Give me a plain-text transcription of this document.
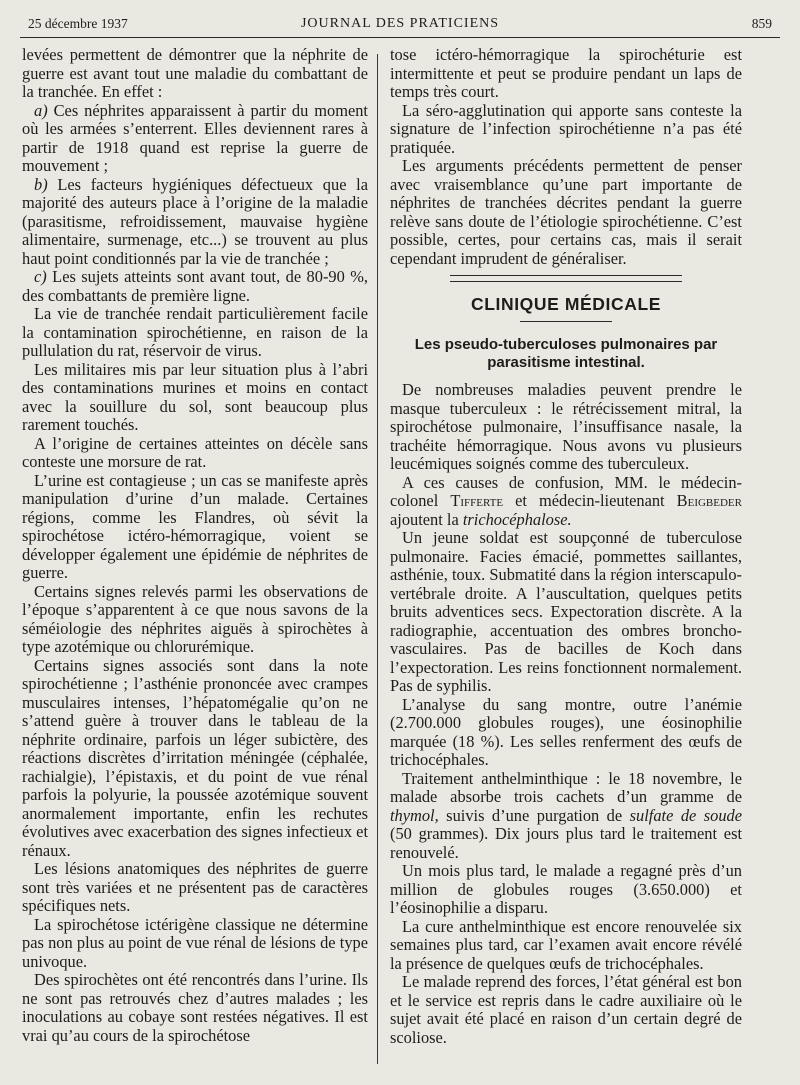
25 décembre 1937	JOURNAL DES PRATICIENS	859

levées permettent de démontrer que la néphrite de guerre est avant tout une maladie du combattant de la tranchée. En effet :

a) Ces néphrites apparaissent à partir du moment où les armées s’enterrent. Elles deviennent rares à partir de 1918 quand est reprise la guerre de mouvement ;

b) Les facteurs hygiéniques défectueux que la majorité des auteurs place à l’origine de la maladie (parasitisme, refroidissement, mauvaise hygiène alimentaire, surmenage, etc...) se trouvent au plus haut point conditionnés par la vie de tranchée ;

c) Les sujets atteints sont avant tout, de 80-90 %, des combattants de première ligne.

La vie de tranchée rendait particulièrement facile la contamination spirochétienne, en raison de la pullulation du rat, réservoir de virus.

Les militaires mis par leur situation plus à l’abri des contaminations murines et moins en contact avec la souillure du sol, sont beaucoup plus rarement touchés.

A l’origine de certaines atteintes on décèle sans conteste une morsure de rat.

L’urine est contagieuse ; un cas se manifeste après manipulation d’urine d’un malade. Certaines régions, comme les Flandres, où sévit la spirochétose ictéro-hémorragique, voient se développer également une épidémie de néphrites de guerre.

Certains signes relevés parmi les observations de l’époque s’apparentent à ce que nous savons de la séméiologie des néphrites aiguës à spirochètes à type azotémique ou chlorurémique.

Certains signes associés sont dans la note spirochétienne ; l’asthénie prononcée avec crampes musculaires intenses, l’hépatomégalie qu’on ne s’attend guère à trouver dans le tableau de la néphrite ordinaire, parfois un léger subictère, des réactions discrètes d’irritation méningée (céphalée, rachialgie), l’épistaxis, et du point de vue rénal parfois la polyurie, la poussée azotémique souvent anormalement importante, enfin les rechutes évolutives avec exacerbation des signes infectieux et rénaux.

Les lésions anatomiques des néphrites de guerre sont très variées et ne présentent pas de caractères spécifiques nets.

La spirochétose ictérigène classique ne détermine pas non plus au point de vue rénal de lésions de type univoque.

Des spirochètes ont été rencontrés dans l’urine. Ils ne sont pas retrouvés chez d’autres malades ; les inoculations au cobaye sont restées négatives. Il est vrai qu’au cours de la spirochétose

tose ictéro-hémorragique la spirochéturie est intermittente et peut se produire pendant un laps de temps très court.

La séro-agglutination qui apporte sans conteste la signature de l’infection spirochétienne n’a pas été pratiquée.

Les arguments précédents permettent de penser avec vraisemblance qu’une part importante de néphrites de tranchées décrites pendant la guerre relève sans doute de l’étiologie spirochétienne. C’est possible, certes, pour certains cas, mais il serait cependant imprudent de généraliser.

CLINIQUE MÉDICALE
Les pseudo-tuberculoses pulmonaires par parasitisme intestinal.

De nombreuses maladies peuvent prendre le masque tuberculeux : le rétrécissement mitral, la spirochétose pulmonaire, l’insuffisance nasale, la trachéite hémorragique. Nous avons vu plusieurs leucémiques soignés comme des tuberculeux.

A ces causes de confusion, MM. le médecin-colonel Tifferte et médecin-lieutenant Beigbeder ajoutent la trichocéphalose.

Un jeune soldat est soupçonné de tuberculose pulmonaire. Facies émacié, pommettes saillantes, asthénie, toux. Submatité dans la région interscapulo-vertébrale droite. A l’auscultation, quelques petits bruits adventices secs. Expectoration discrète. A la radiographie, accentuation des ombres broncho-vasculaires. Pas de bacilles de Koch dans l’expectoration. Les reins fonctionnent normalement. Pas de syphilis.

L’analyse du sang montre, outre l’anémie (2.700.000 globules rouges), une éosinophilie marquée (18 %). Les selles renferment des œufs de trichocéphales.

Traitement anthelminthique : le 18 novembre, le malade absorbe trois cachets d’un gramme de thymol, suivis d’une purgation de sulfate de soude (50 grammes). Dix jours plus tard le traitement est renouvelé.

Un mois plus tard, le malade a regagné près d’un million de globules rouges (3.650.000) et l’éosinophilie a disparu.

La cure anthelminthique est encore renouvelée six semaines plus tard, car l’examen avait encore révélé la présence de quelques œufs de trichocéphales.

Le malade reprend des forces, l’état général est bon et le service est repris dans le cadre auxiliaire où le sujet avait été placé en raison d’un certain degré de scoliose.
